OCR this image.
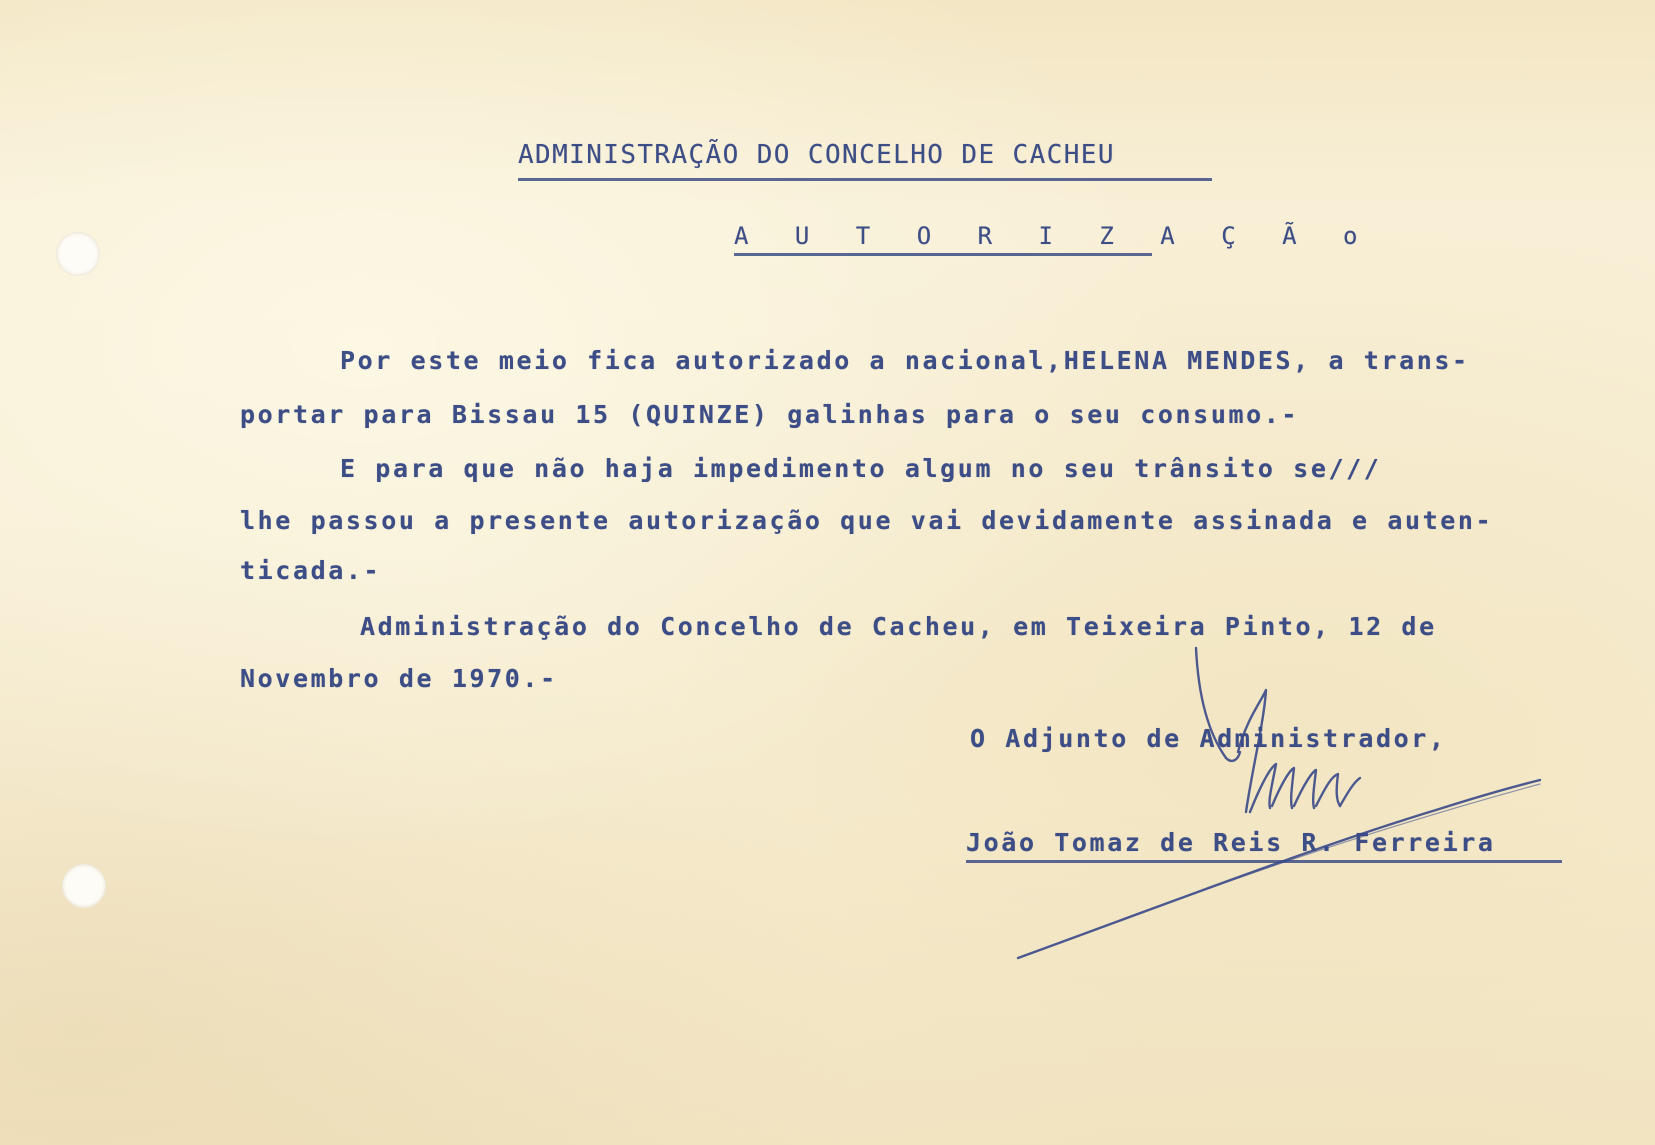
ADMINISTRAÇÃO DO CONCELHO DE CACHEU
A U T O R I Z A Ç Ã o
Por este meio fica autorizado a nacional,HELENA MENDES, a trans-
portar para Bissau 15 (QUINZE) galinhas para o seu consumo.-
E para que não haja impedimento algum no seu trânsito se///
lhe passou a presente autorização que vai devidamente assinada e auten-
ticada.-
Administração do Concelho de Cacheu, em Teixeira Pinto, 12 de
Novembro de 1970.-
O Adjunto de Administrador,
João Tomaz de Reis R. Ferreira
